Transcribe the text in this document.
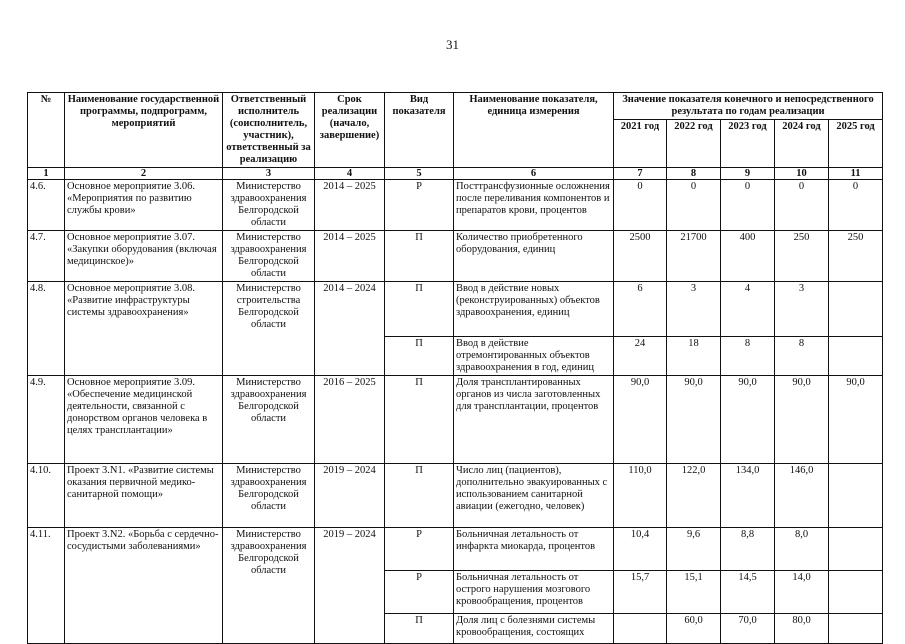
31
№	Наименование государственной программы, подпрограмм, мероприятий	Ответственный исполнитель (соисполнитель, участник), ответственный за реализацию	Срок реализации (начало, завершение)	Вид показателя	Наименование показателя, единица измерения	Значение показателя конечного и непосредственного результата по годам реализации				
						2021 год	2022 год	2023 год	2024 год	2025 год
1	2	3	4	5	6	7	8	9	10	11
4.6.	Основное мероприятие 3.06. «Мероприятия по развитию службы крови»	Министерство здравоохранения Белгородской области	2014 – 2025	Р	Посттрансфузионные осложнения после переливания компонентов и препаратов крови, процентов	0	0	0	0	0
4.7.	Основное мероприятие 3.07. «Закупки оборудования (включая медицинское)»	Министерство здравоохранения Белгородской области	2014 – 2025	П	Количество приобретенного оборудования, единиц	2500	21700	400	250	250
4.8.	Основное мероприятие 3.08. «Развитие инфраструктуры системы здравоохранения»	Министерство строительства Белгородской области	2014 – 2024	П	Ввод в действие новых (реконструированных) объектов здравоохранения, единиц	6	3	4	3	
				П	Ввод в действие отремонтированных объектов здравоохранения в год, единиц	24	18	8	8	
4.9.	Основное мероприятие 3.09. «Обеспечение медицинской деятельности, связанной с донорством органов человека в целях трансплантации»	Министерство здравоохранения Белгородской области	2016 – 2025	П	Доля трансплантированных органов из числа заготовленных для трансплантации, процентов	90,0	90,0	90,0	90,0	90,0
4.10.	Проект 3.N1. «Развитие системы оказания первичной медико-санитарной помощи»	Министерство здравоохранения Белгородской области	2019 – 2024	П	Число лиц (пациентов), дополнительно эвакуированных с использованием санитарной авиации (ежегодно, человек)	110,0	122,0	134,0	146,0	
4.11.	Проект 3.N2. «Борьба с сердечно-сосудистыми заболеваниями»	Министерство здравоохранения Белгородской области	2019 – 2024	Р	Больничная летальность от инфаркта миокарда, процентов	10,4	9,6	8,8	8,0	
				Р	Больничная летальность от острого нарушения мозгового кровообращения, процентов	15,7	15,1	14,5	14,0	
				П	Доля лиц с болезнями системы кровообращения, состоящих		60,0	70,0	80,0	
